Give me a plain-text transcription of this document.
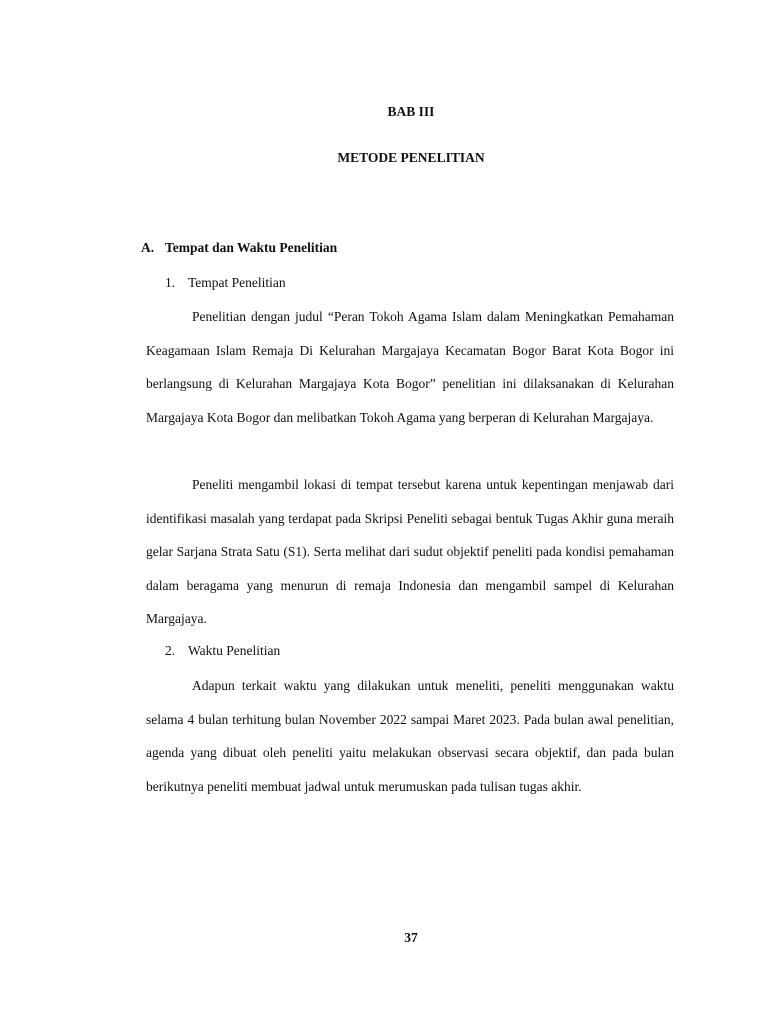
BAB III
METODE PENELITIAN
A. Tempat dan Waktu Penelitian
1. Tempat Penelitian
Penelitian dengan judul “Peran Tokoh Agama Islam dalam Meningkatkan Pemahaman Keagamaan Islam Remaja Di Kelurahan Margajaya Kecamatan Bogor Barat Kota Bogor ini berlangsung di Kelurahan Margajaya Kota Bogor” penelitian ini dilaksanakan di Kelurahan Margajaya Kota Bogor dan melibatkan Tokoh Agama yang berperan di Kelurahan Margajaya.
Peneliti mengambil lokasi di tempat tersebut karena untuk kepentingan menjawab dari identifikasi masalah yang terdapat pada Skripsi Peneliti sebagai bentuk Tugas Akhir guna meraih gelar Sarjana Strata Satu (S1). Serta melihat dari sudut objektif peneliti pada kondisi pemahaman dalam beragama yang menurun di remaja Indonesia dan mengambil sampel di Kelurahan Margajaya.
2. Waktu Penelitian
Adapun terkait waktu yang dilakukan untuk meneliti, peneliti menggunakan waktu selama 4 bulan terhitung bulan November 2022 sampai Maret 2023. Pada bulan awal penelitian, agenda yang dibuat oleh peneliti yaitu melakukan observasi secara objektif, dan pada bulan berikutnya peneliti membuat jadwal untuk merumuskan pada tulisan tugas akhir.
37
